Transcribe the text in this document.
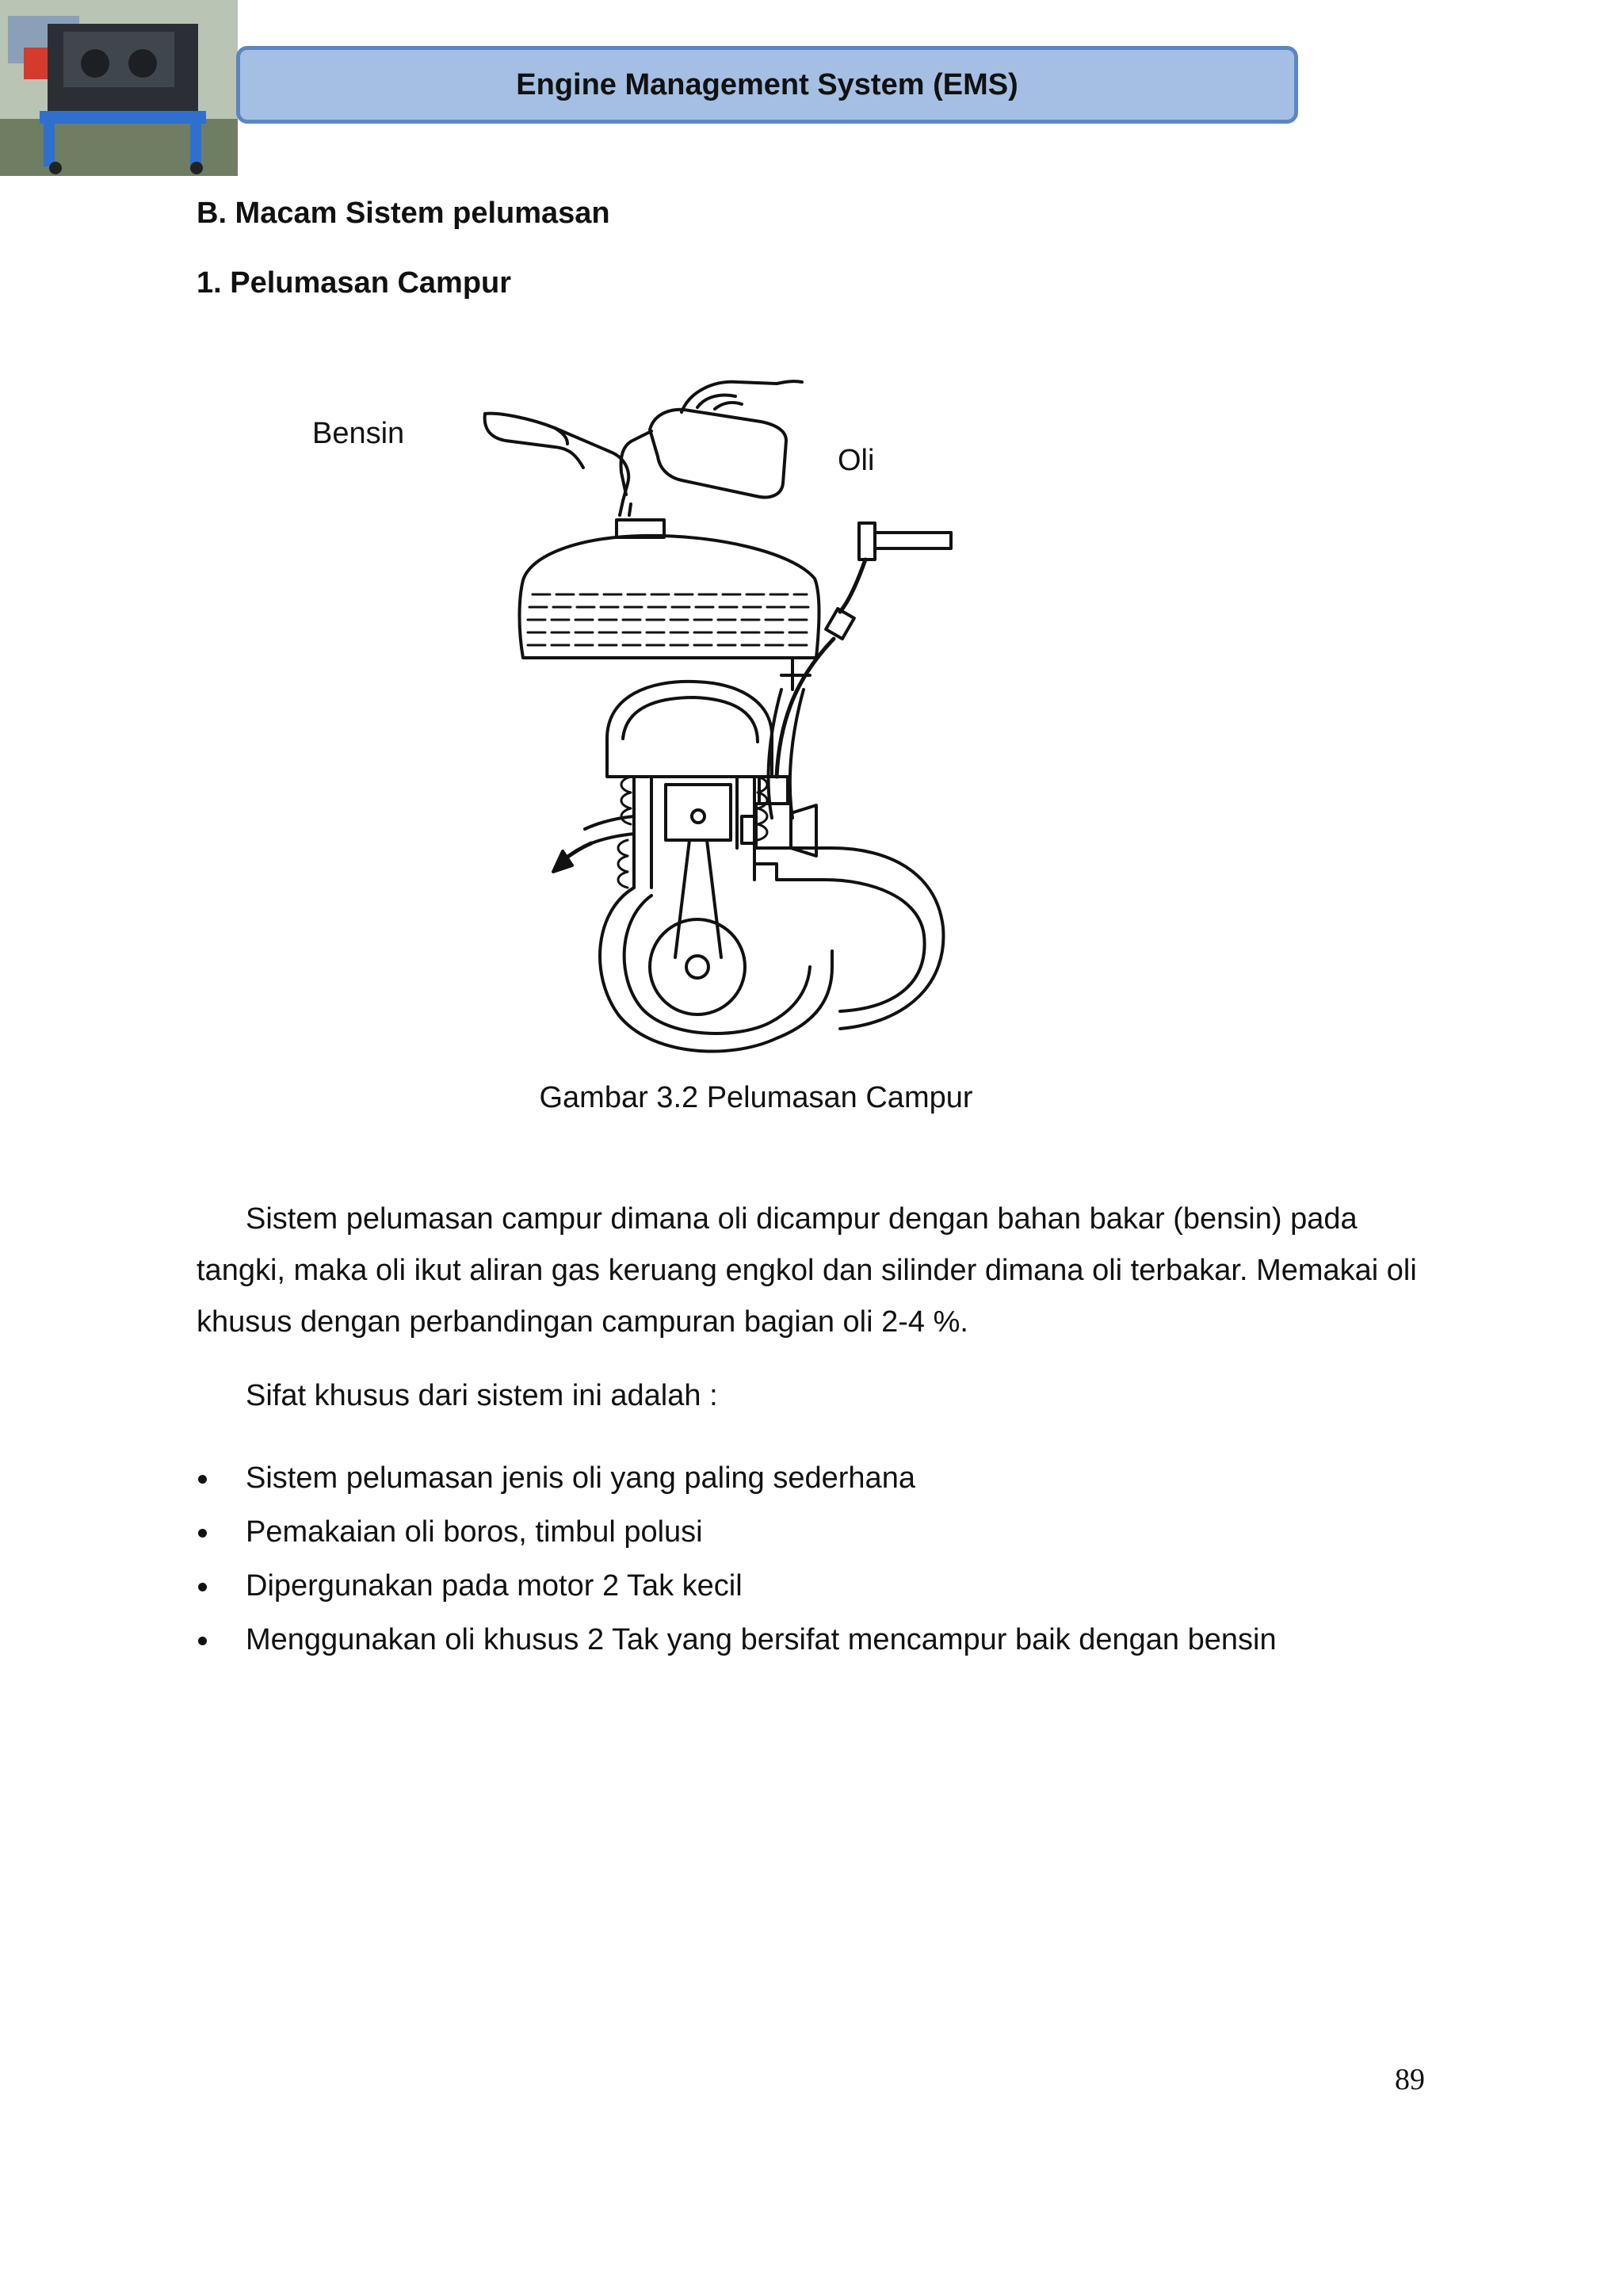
Engine Management System (EMS)
B. Macam Sistem pelumasan
1. Pelumasan Campur
Bensin
Oli
Gambar 3.2 Pelumasan Campur
Sistem pelumasan campur dimana oli dicampur dengan bahan bakar (bensin) pada tangki, maka oli ikut aliran gas keruang engkol dan silinder dimana oli terbakar. Memakai oli khusus dengan perbandingan campuran bagian oli 2-4 %.
Sifat khusus dari sistem ini adalah :
Sistem pelumasan jenis oli yang paling sederhana
Pemakaian oli boros, timbul polusi
Dipergunakan pada motor 2 Tak kecil
Menggunakan oli khusus 2 Tak yang bersifat mencampur baik dengan bensin
89
